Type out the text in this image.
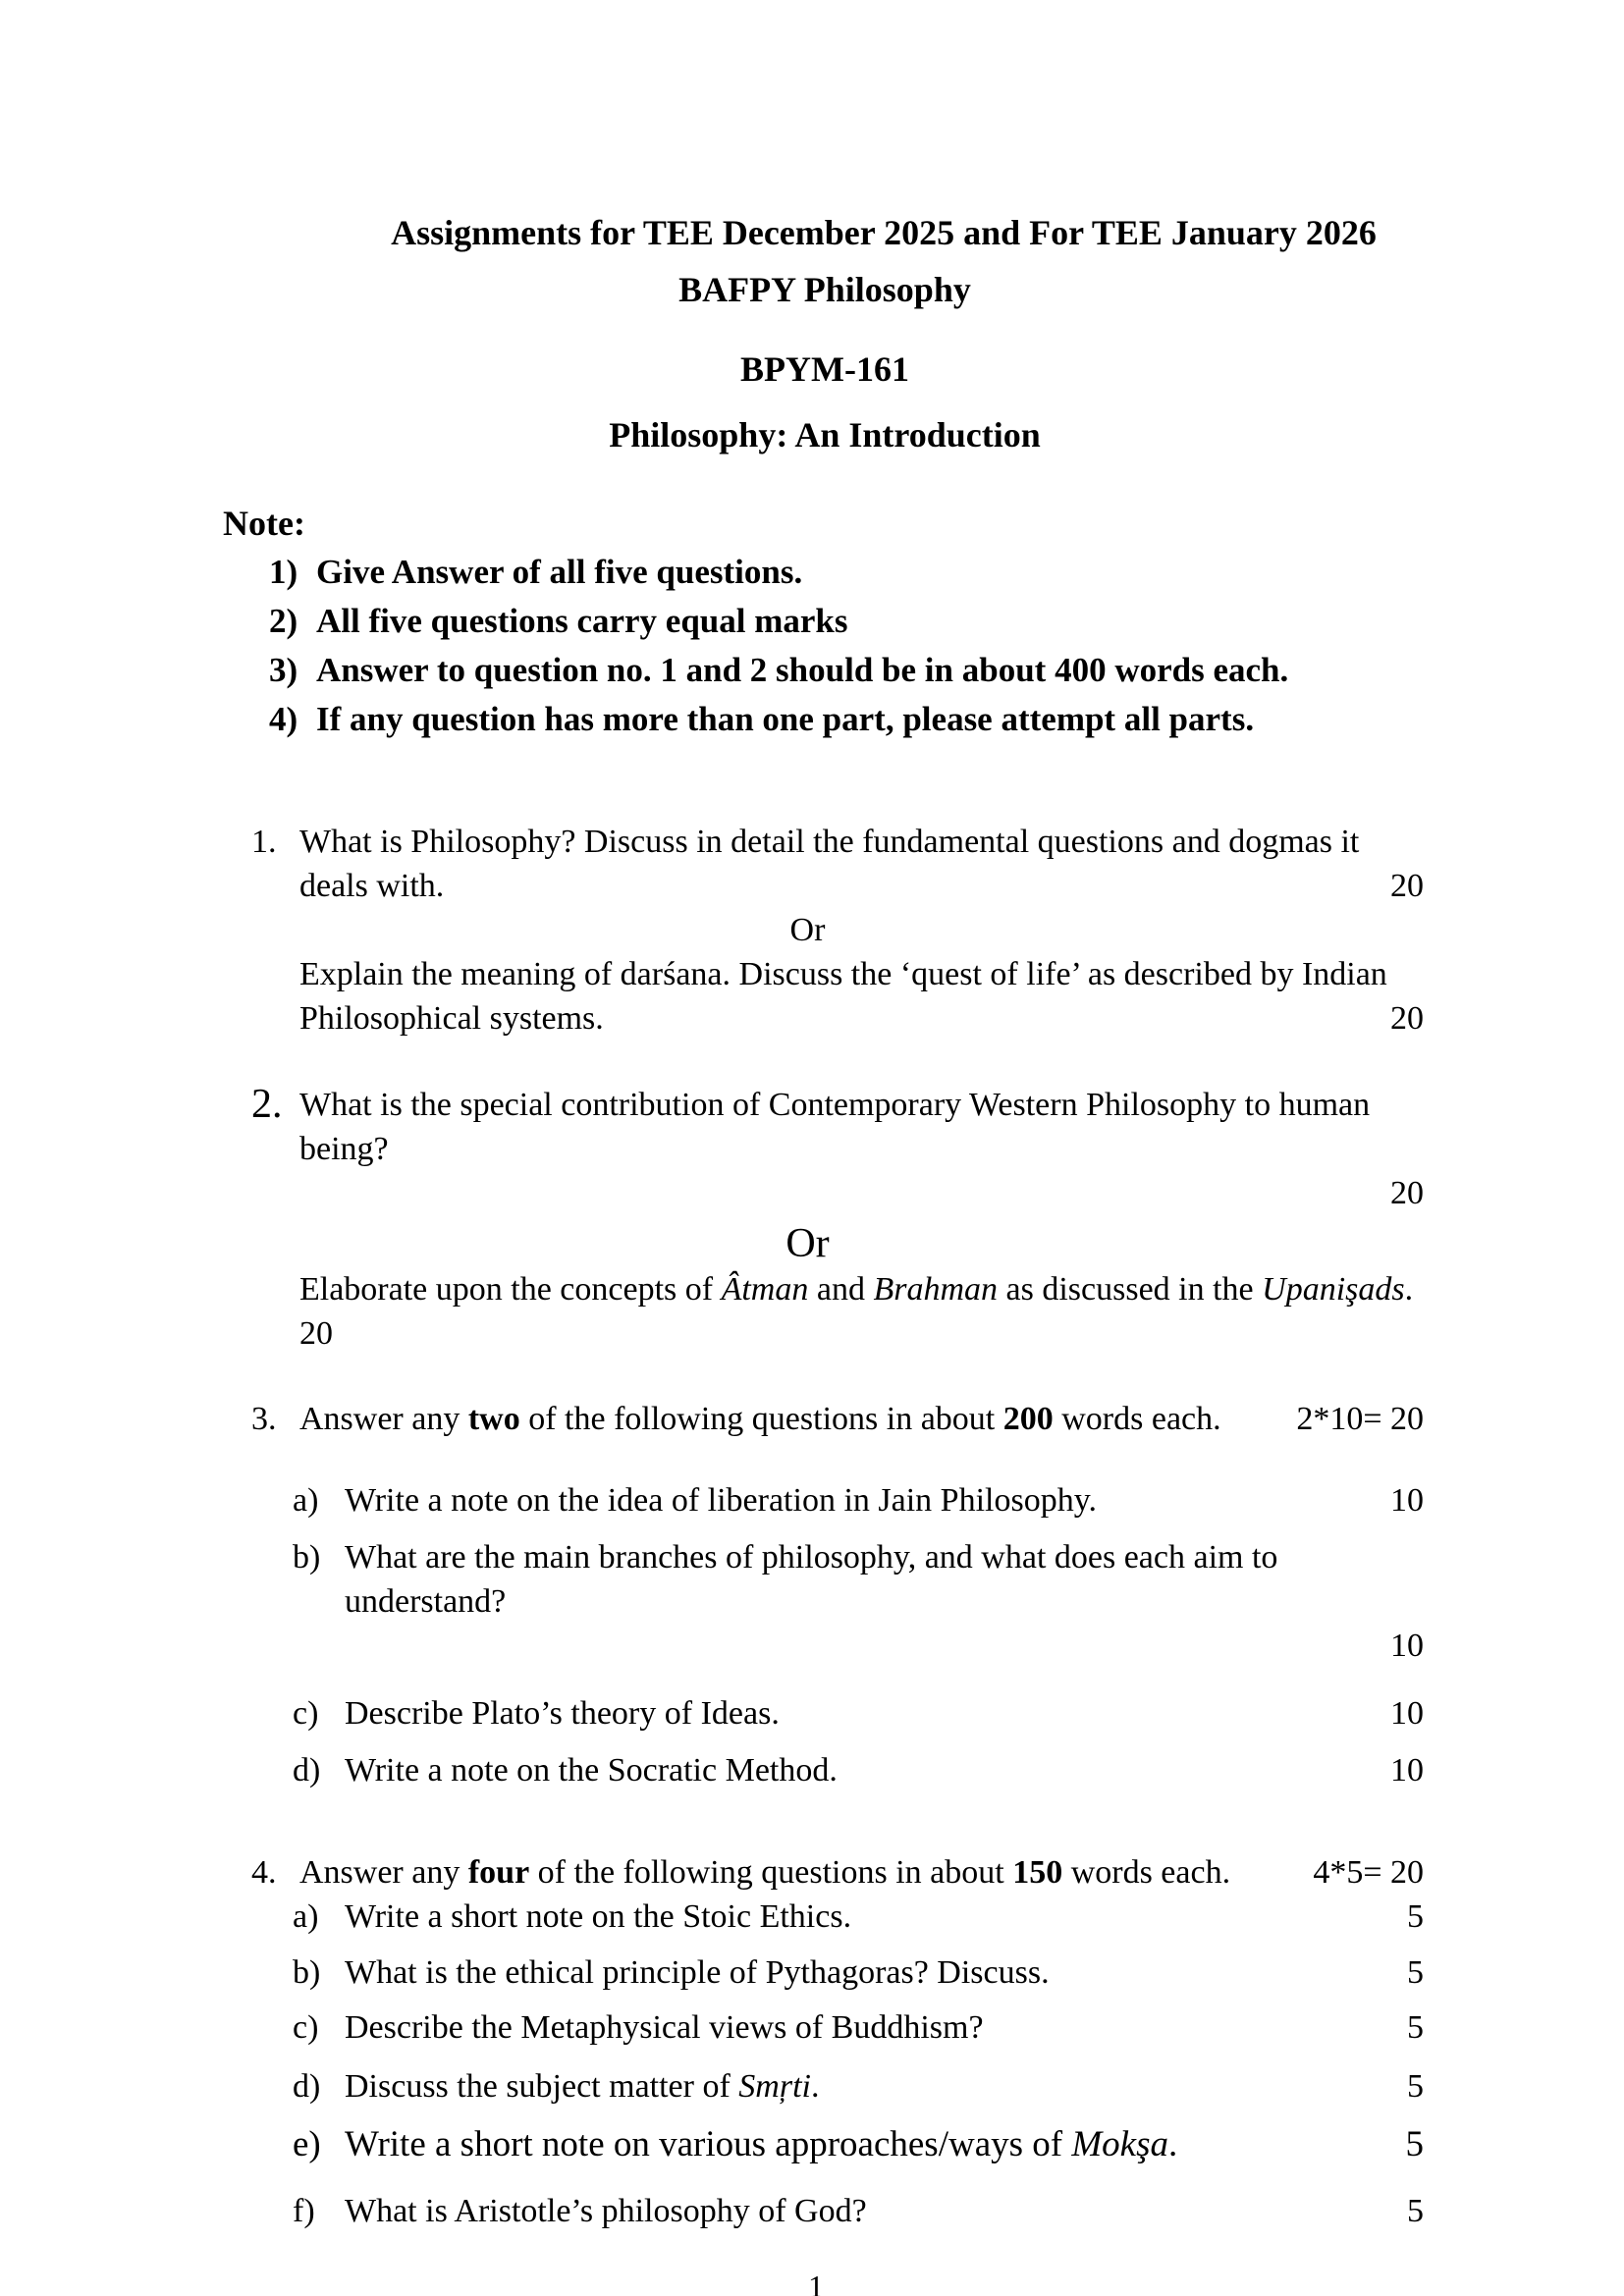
Assignments for TEE December 2025 and For TEE January 2026
BAFPY Philosophy
BPYM-161
Philosophy: An Introduction
Note:
1) Give Answer of all five questions.
2) All five questions carry equal marks
3) Answer to question no. 1 and 2 should be in about 400 words each.
4) If any question has more than one part, please attempt all parts.
1. What is Philosophy? Discuss in detail the fundamental questions and dogmas it deals with.	20
Or
Explain the meaning of darśana. Discuss the ‘quest of life’ as described by Indian Philosophical systems.	20
2. What is the special contribution of Contemporary Western Philosophy to human being?
20
Or
Elaborate upon the concepts of Âtman and Brahman as discussed in the Upanişads. 20
3.	2*10= 20
Answer any two of the following questions in about 200 words each.
a)	10
Write a note on the idea of liberation in Jain Philosophy.
b) What are the main branches of philosophy, and what does each aim to understand?
10
c)	10
Describe Plato’s theory of Ideas.
d)	10
Write a note on the Socratic Method.
4.	4*5= 20
Answer any four of the following questions in about 150 words each.
a)	5
Write a short note on the Stoic Ethics.
b)	5
What is the ethical principle of Pythagoras? Discuss.
c)	5
Describe the Metaphysical views of Buddhism?
d)	5
Discuss the subject matter of Smŗti.
e)	5
Write a short note on various approaches/ways of Mokşa.
f)	5
What is Aristotle’s philosophy of God?
1
